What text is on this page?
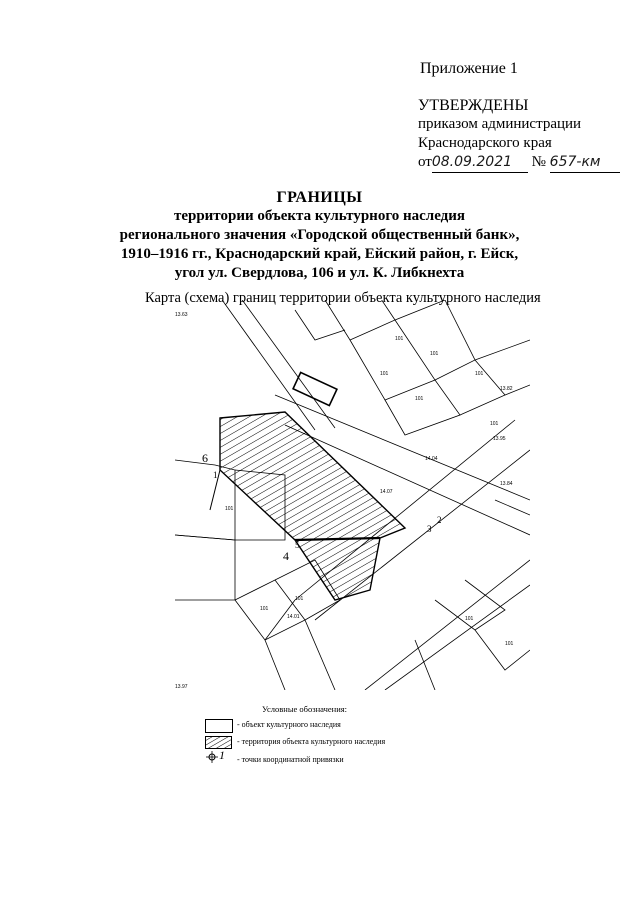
Приложение 1
УТВЕРЖДЕНЫ
приказом администрации
Краснодарского края
от08.09.2021 № 657-км
ГРАНИЦЫ
территории объекта культурного наследия
регионального значения «Городской общественный банк»,
1910–1916 гг., Краснодарский край, Ейский район, г. Ейск,
угол ул. Свердлова, 106 и ул. К. Либкнехта
Карта (схема) границ территории объекта культурного наследия
101
101
101	101
101
101
101
101
101
101
101
13.82
13.95
14.04
14.07
14.01
13.97
13.63
13.84
6
1
5
4
3
2
Условные обозначения:
- объект культурного наследия
- территория объекта культурного наследия
1 - точки координатной привязки
